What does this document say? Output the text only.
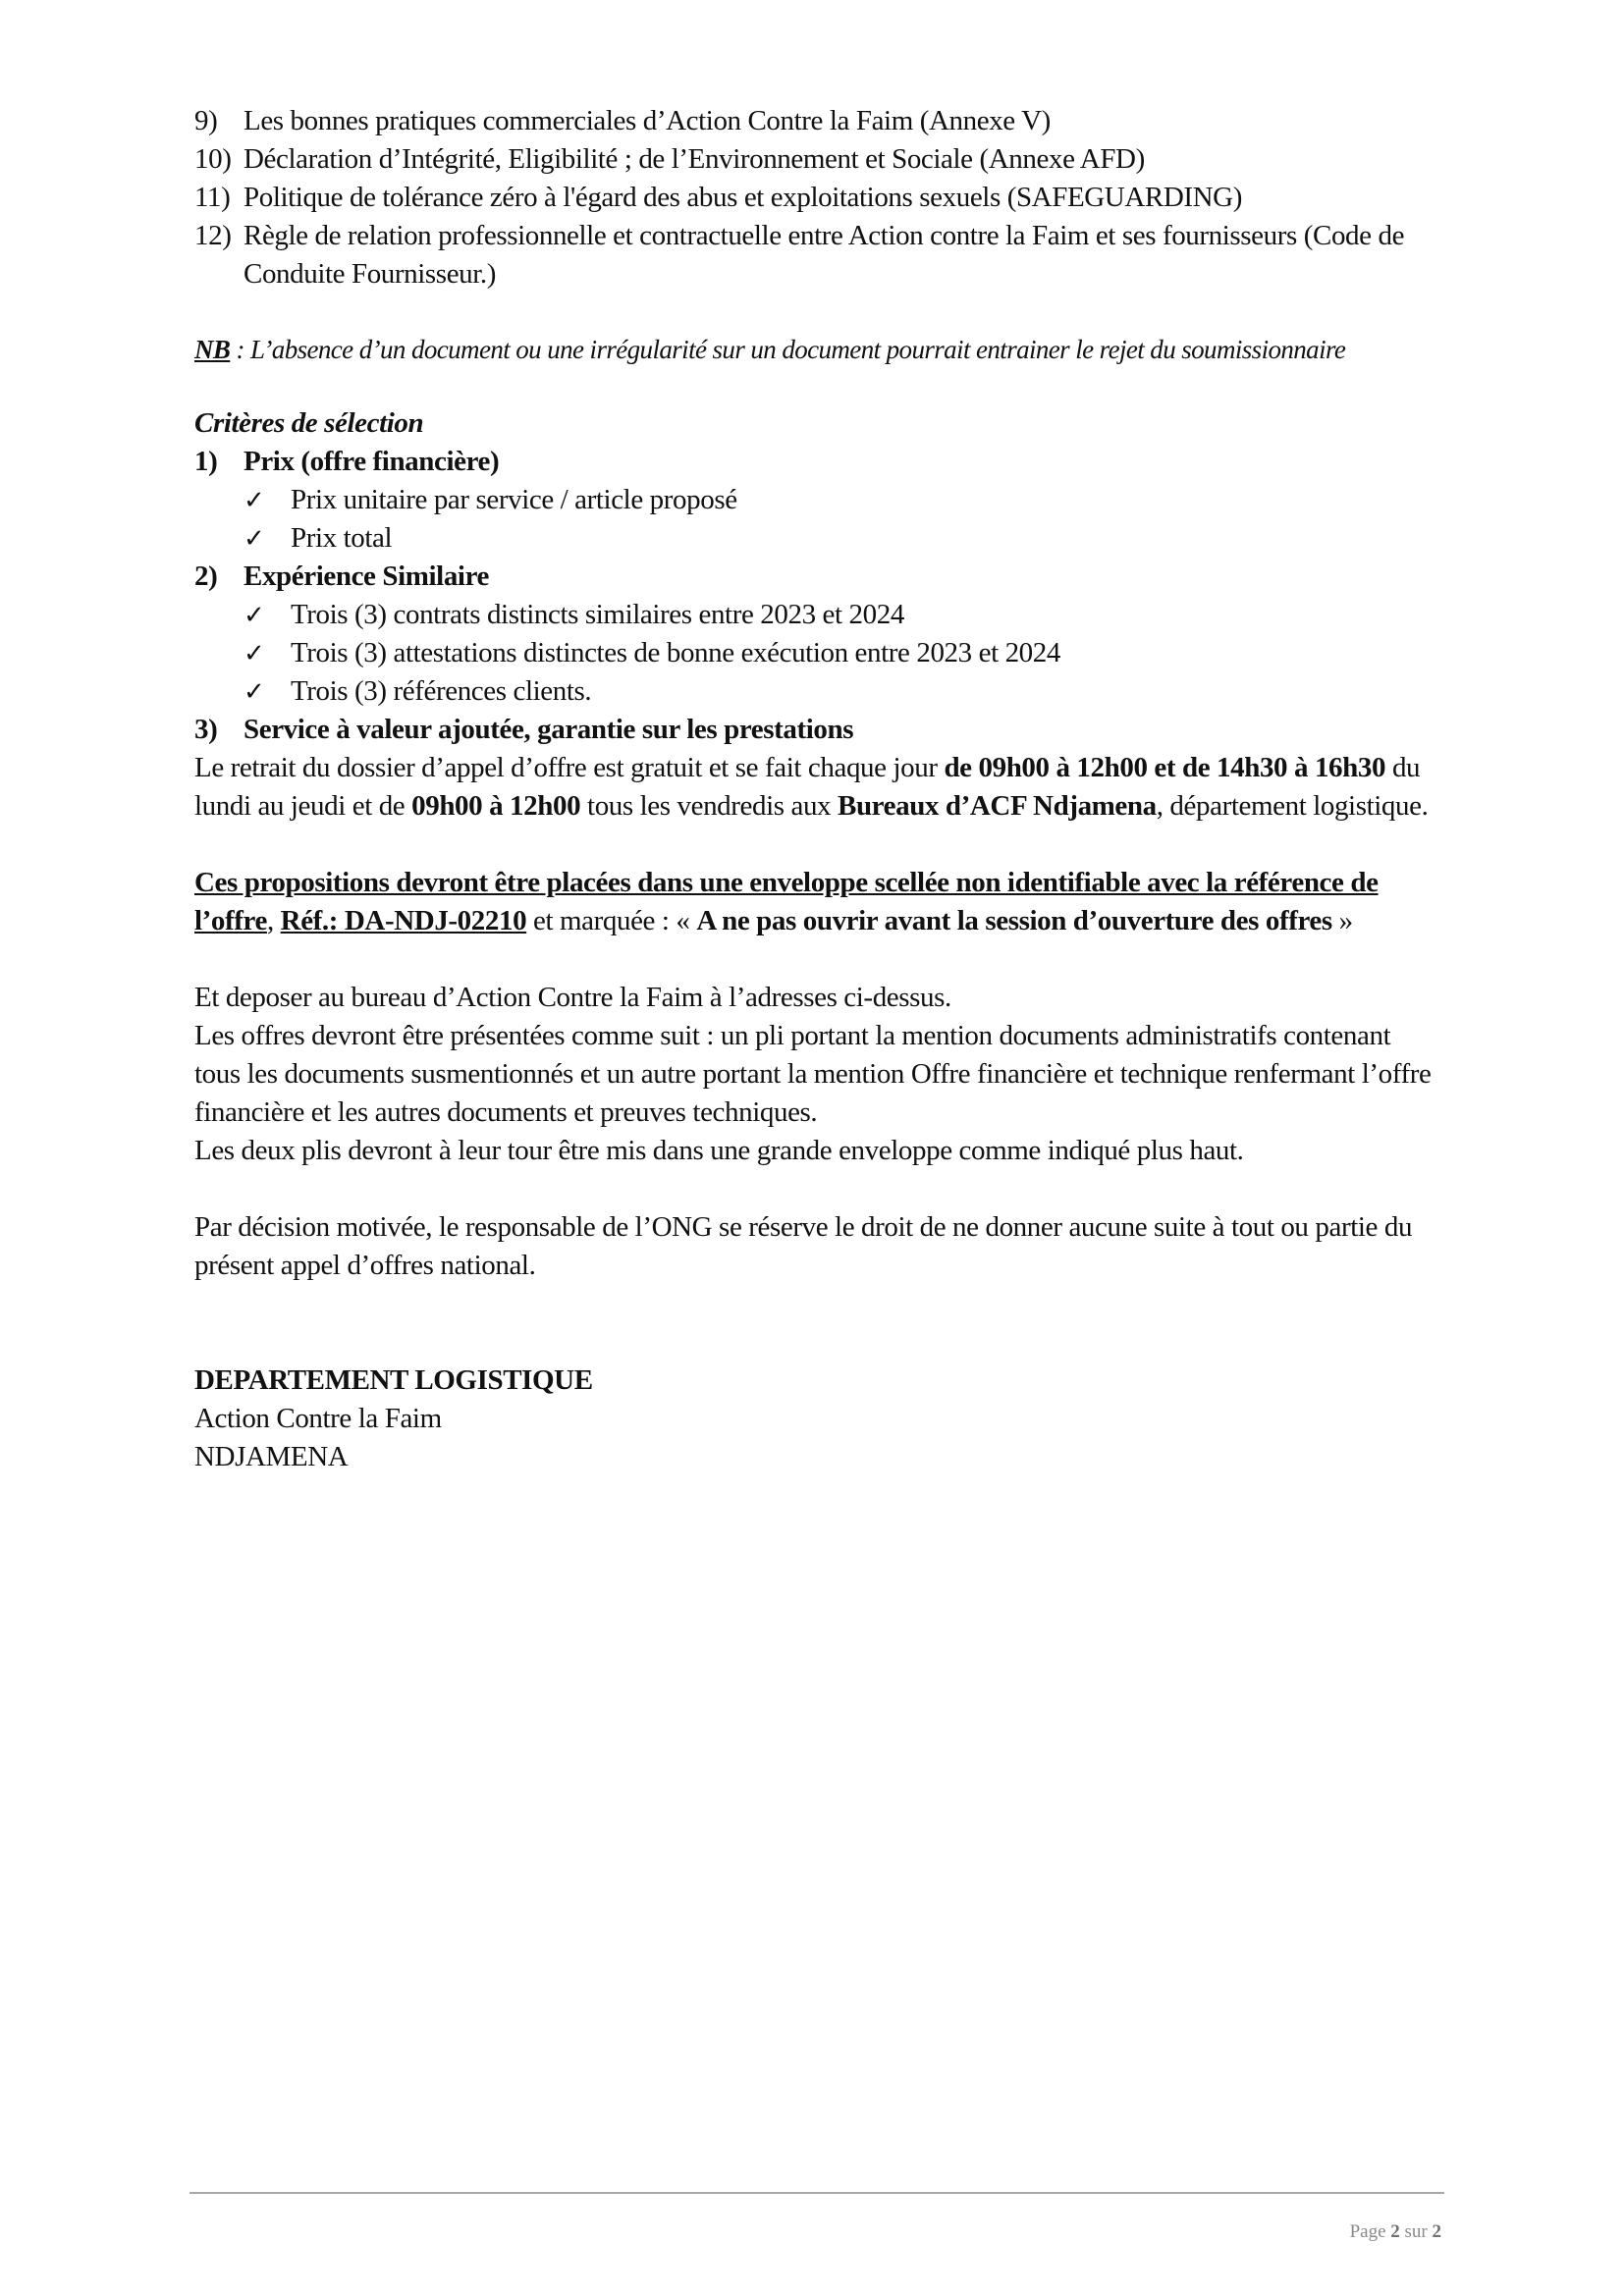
9) Les bonnes pratiques commerciales d’Action Contre la Faim (Annexe V)
10) Déclaration d’Intégrité, Eligibilité ; de l’Environnement et Sociale (Annexe AFD)
11) Politique de tolérance zéro à l'égard des abus et exploitations sexuels (SAFEGUARDING)
12) Règle de relation professionnelle et contractuelle entre Action contre la Faim et ses fournisseurs (Code de Conduite Fournisseur.)

NB : L’absence d’un document ou une irrégularité sur un document pourrait entrainer le rejet du soumissionnaire

Critères de sélection

1) Prix (offre financière)
✓ Prix unitaire par service / article proposé
✓ Prix total
2) Expérience Similaire
✓ Trois (3) contrats distincts similaires entre 2023 et 2024
✓ Trois (3) attestations distinctes de bonne exécution entre 2023 et 2024
✓ Trois (3) références clients.
3) Service à valeur ajoutée, garantie sur les prestations

Le retrait du dossier d’appel d’offre est gratuit et se fait chaque jour de 09h00 à 12h00 et de 14h30 à 16h30 du lundi au jeudi et de 09h00 à 12h00 tous les vendredis aux Bureaux d’ACF Ndjamena, département logistique.

Ces propositions devront être placées dans une enveloppe scellée non identifiable avec la référence de l’offre, Réf.: DA-NDJ-02210 et marquée : « A ne pas ouvrir avant la session d’ouverture des offres »

Et deposer au bureau d’Action Contre la Faim à l’adresses ci-dessus.

Les offres devront être présentées comme suit : un pli portant la mention documents administratifs contenant tous les documents susmentionnés et un autre portant la mention Offre financière et technique renfermant l’offre financière et les autres documents et preuves techniques.

Les deux plis devront à leur tour être mis dans une grande enveloppe comme indiqué plus haut.

Par décision motivée, le responsable de l’ONG se réserve le droit de ne donner aucune suite à tout ou partie du présent appel d’offres national.

DEPARTEMENT LOGISTIQUE

Action Contre la Faim

NDJAMENA

Page 2 sur 2
